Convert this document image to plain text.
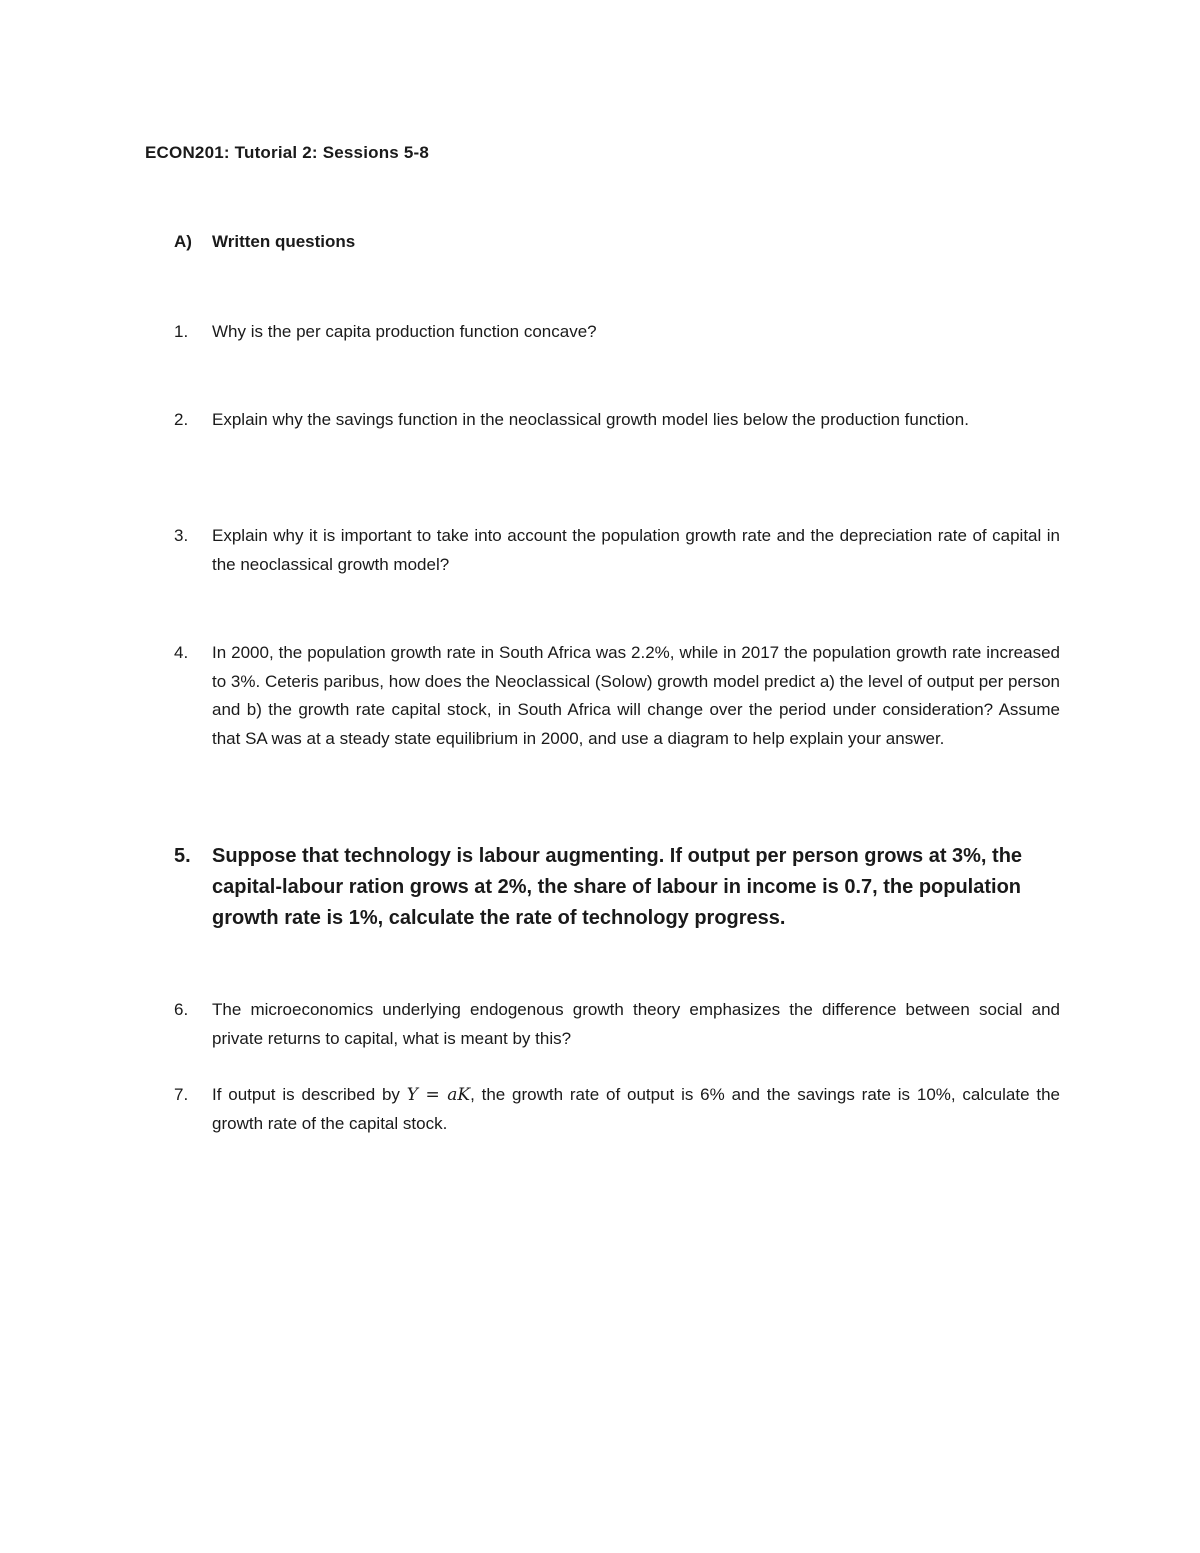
ECON201: Tutorial 2: Sessions 5-8
A) Written questions
1.	Why is the per capita production function concave?
2.	Explain why the savings function in the neoclassical growth model lies below the production function.
3.	Explain why it is important to take into account the population growth rate and the depreciation rate of capital in the neoclassical growth model?
4.	In 2000, the population growth rate in South Africa was 2.2%, while in 2017 the population growth rate increased to 3%. Ceteris paribus, how does the Neoclassical (Solow) growth model predict a) the level of output per person and b) the growth rate capital stock, in South Africa will change over the period under consideration? Assume that SA was at a steady state equilibrium in 2000, and use a diagram to help explain your answer.
5.	Suppose that technology is labour augmenting. If output per person grows at 3%, the capital-labour ration grows at 2%, the share of labour in income is 0.7, the population growth rate is 1%, calculate the rate of technology progress.
6.	The microeconomics underlying endogenous growth theory emphasizes the difference between social and private returns to capital, what is meant by this?
7.	If output is described by Y = aK, the growth rate of output is 6% and the savings rate is 10%, calculate the growth rate of the capital stock.
